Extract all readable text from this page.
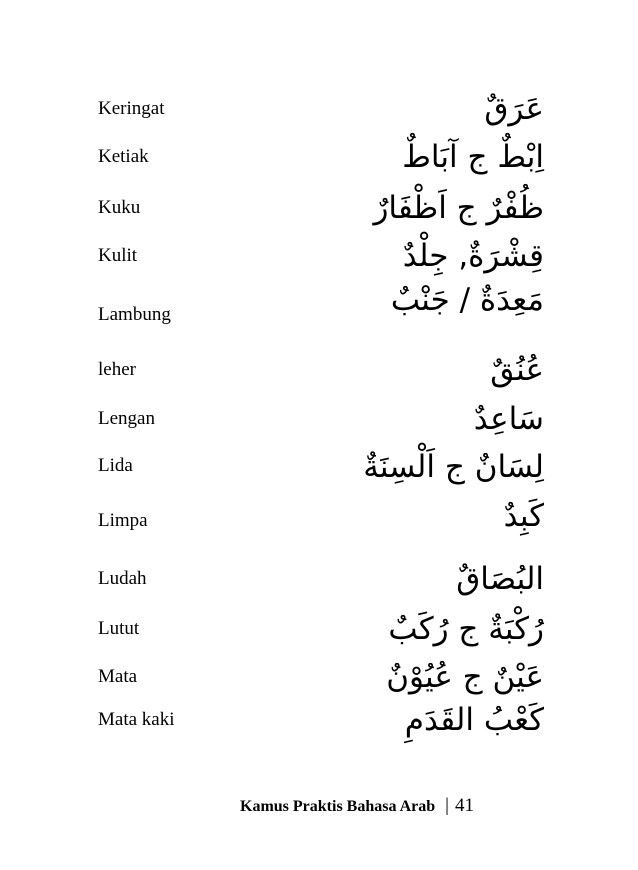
Keringat	عَرَقٌ
Ketiak	اِبْطٌ ج آبَاطٌ
Kuku	ظُفْرٌ ج اَظْفَارٌ
Kulit	قِشْرَةٌ, جِلْدٌ
Lambung	مَعِدَةٌ / جَنْبٌ
leher	عُنُقٌ
Lengan	سَاعِدٌ
Lida	لِسَانٌ ج اَلْسِنَةٌ
Limpa	كَبِدٌ
Ludah	البُصَاقٌ
Lutut	رُكْبَةٌ ج رُكَبٌ
Mata	عَيْنٌ ج عُيُوْنٌ
Mata kaki	كَعْبُ القَدَمِ
Kamus Praktis Bahasa Arab | 41
